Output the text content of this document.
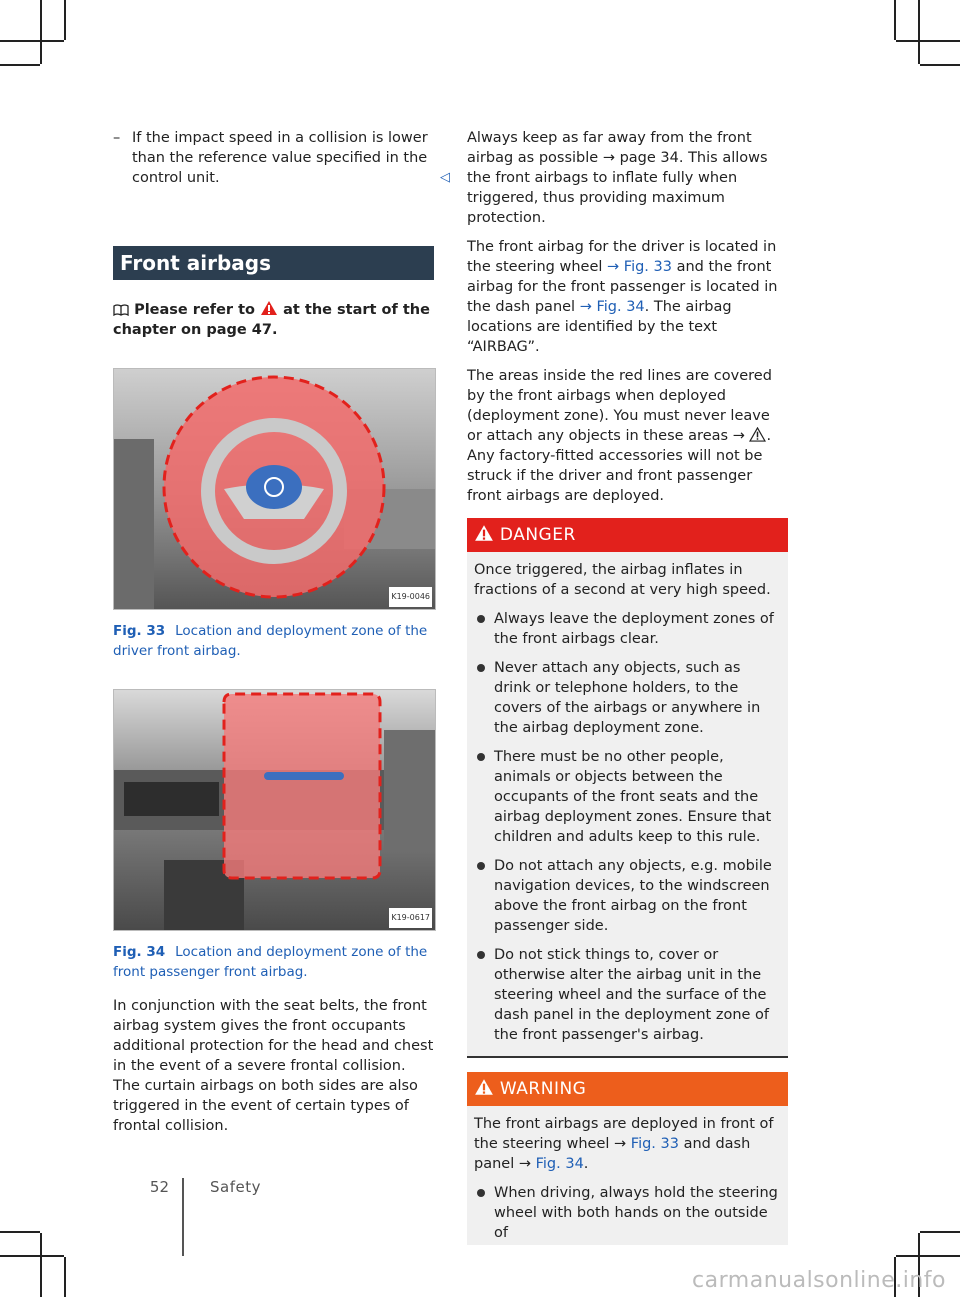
– If the impact speed in a collision is lower than the reference value specified in the control unit.	◁
Front airbags
Please refer to at the start of the chapter on page 47.
K19-0046
Fig. 33 Location and deployment zone of the driver front airbag.
K19-0617
Fig. 34 Location and deployment zone of the front passenger front airbag.

In conjunction with the seat belts, the front airbag system gives the front occupants additional protection for the head and chest in the event of a severe frontal collision. The curtain airbags on both sides are also triggered in the event of certain types of frontal collision.

Always keep as far away from the front airbag as possible → page 34. This allows the front airbags to inflate fully when triggered, thus providing maximum protection.

The front airbag for the driver is located in the steering wheel → Fig. 33 and the front airbag for the front passenger is located in the dash panel → Fig. 34. The airbag locations are identified by the text “AIRBAG”.

The areas inside the red lines are covered by the front airbags when deployed (deployment zone). You must never leave or attach any objects in these areas → . Any factory-fitted accessories will not be struck if the driver and front passenger front airbags are deployed.

DANGER

Once triggered, the airbag inflates in fractions of a second at very high speed.

Always leave the deployment zones of the front airbags clear.
Never attach any objects, such as drink or telephone holders, to the covers of the airbags or anywhere in the airbag deployment zone.
There must be no other people, animals or objects between the occupants of the front seats and the airbag deployment zones. Ensure that children and adults keep to this rule.
Do not attach any objects, e.g. mobile navigation devices, to the windscreen above the front airbag on the front passenger side.
Do not stick things to, cover or otherwise alter the airbag unit in the steering wheel and the surface of the dash panel in the deployment zone of the front passenger's airbag.
WARNING

The front airbags are deployed in front of the steering wheel → Fig. 33 and dash panel → Fig. 34.

When driving, always hold the steering wheel with both hands on the outside of
52	Safety
carmanualsonline.info
